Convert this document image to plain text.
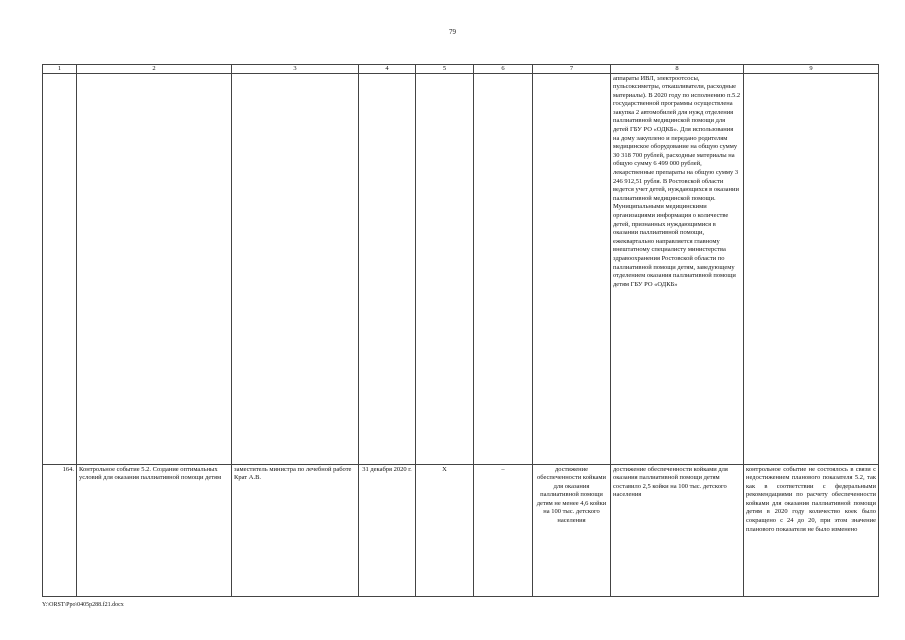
79
1	2	3	4	5	6	7	8	9
							аппараты ИВЛ, электроотсосы, пульсоксиметры, откашливатели, расходные материалы). В 2020 году по исполнению п.5.2 государственной программы осуществлена закупка 2 автомобилей для нужд отделения паллиативной медицинской помощи для детей ГБУ РО «ОДКБ». Для использования на дому закуплено и передано родителям медицинское оборудование на общую сумму 30 318 700 рублей, расходные материалы на общую сумму 6 499 000 рублей, лекарственные препараты на общую сумму 3 246 912,51 рубля. В Ростовской области ведется учет детей, нуждающихся в оказании паллиативной медицинской помощи. Муниципальными медицинскими организациями информация о количестве детей, признанных нуждающимися в оказании паллиативной помощи, ежеквартально направляется главному внештатному специалисту министерства здравоохранения Ростовской области по паллиативной помощи детям, заведующему отделением оказания паллиативной помощи детям ГБУ РО «ОДКБ»	
164.	Контрольное событие 5.2. Создание оптимальных условий для оказания паллиативной помощи детям	заместитель министра по лечебной работе Крат А.В.	31 декабря 2020 г.	Х	–	достижение обеспеченности койками для оказания паллиативной помощи детям не менее 4,6 койки на 100 тыс. детского населения	достижение обеспеченности койками для оказания паллиативной помощи детям составило 2,5 койки на 100 тыс. детского населения	контрольное событие не состоялось в связи с недостижением планового показателя 5.2, так как в соответствии с федеральными рекомендациями по расчету обеспеченности койками для оказания паллиативной помощи детям в 2020 году количество коек было сокращено с 24 до 20, при этом значение планового показателя не было изменено
Y:\ORST\Ppo\0405p288.f21.docx
